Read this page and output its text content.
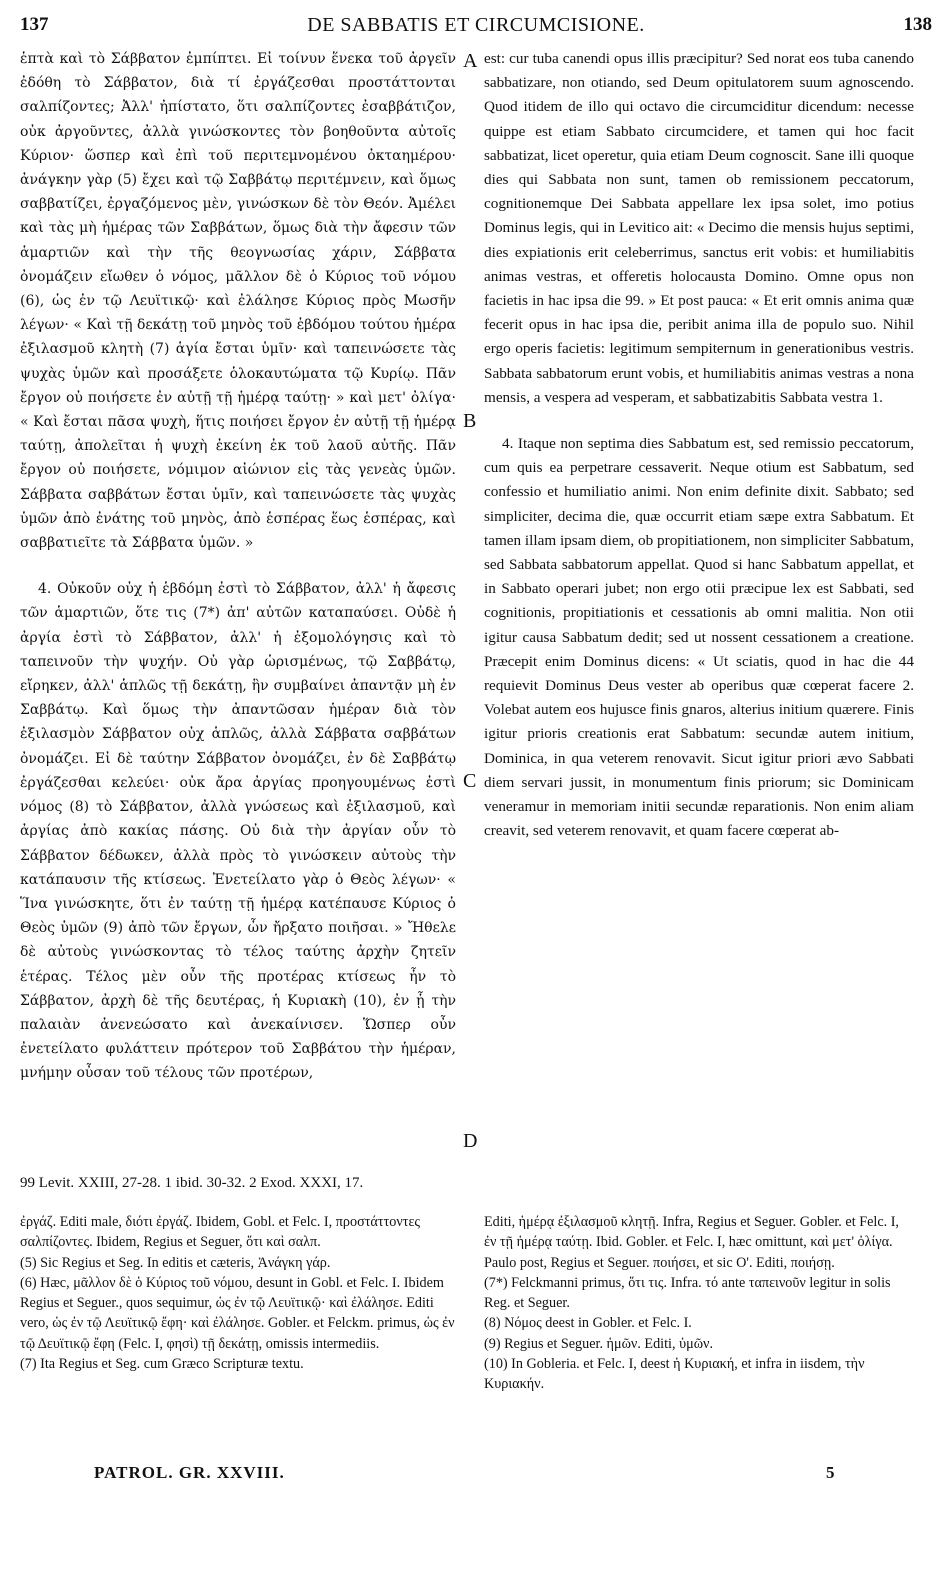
137	DE SABBATIS ET CIRCUMCISIONE.	138

ἑπτὰ καὶ τὸ Σάββατον ἐμπίπτει. Εἰ τοίνυν ἕνεκα τοῦ ἀργεῖν ἐδόθη τὸ Σάββατον, διὰ τί ἐργάζεσθαι προστάττονται σαλπίζοντες; Ἀλλ' ἠπίστατο, ὅτι σαλπίζοντες ἐσαββάτιζον, οὐκ ἀργοῦντες, ἀλλὰ γινώσκοντες τὸν βοηθοῦντα αὐτοῖς Κύριον· ὥσπερ καὶ ἐπὶ τοῦ περιτεμνομένου ὀκταημέρου· ἀνάγκην γὰρ (5) ἔχει καὶ τῷ Σαββάτῳ περιτέμνειν, καὶ ὅμως σαββατίζει, ἐργαζόμενος μὲν, γινώσκων δὲ τὸν Θεόν. Ἀμέλει καὶ τὰς μὴ ἡμέρας τῶν Σαββάτων, ὅμως διὰ τὴν ἄφεσιν τῶν ἁμαρτιῶν καὶ τὴν τῆς θεογνωσίας χάριν, Σάββατα ὀνομάζειν εἴωθεν ὁ νόμος, μᾶλλον δὲ ὁ Κύριος τοῦ νόμου (6), ὡς ἐν τῷ Λευϊτικῷ· καὶ ἐλάλησε Κύριος πρὸς Μωσῆν λέγων· « Καὶ τῇ δεκάτῃ τοῦ μηνὸς τοῦ ἑβδόμου τούτου ἡμέρα ἐξιλασμοῦ κλητὴ (7) ἁγία ἔσται ὑμῖν· καὶ ταπεινώσετε τὰς ψυχὰς ὑμῶν καὶ προσάξετε ὁλοκαυτώματα τῷ Κυρίῳ. Πᾶν ἔργον οὐ ποιήσετε ἐν αὐτῇ τῇ ἡμέρᾳ ταύτῃ· » καὶ μετ' ὀλίγα· « Καὶ ἔσται πᾶσα ψυχὴ, ἥτις ποιήσει ἔργον ἐν αὐτῇ τῇ ἡμέρᾳ ταύτῃ, ἀπολεῖται ἡ ψυχὴ ἐκείνη ἐκ τοῦ λαοῦ αὐτῆς. Πᾶν ἔργον οὐ ποιήσετε, νόμιμον αἰώνιον εἰς τὰς γενεὰς ὑμῶν. Σάββατα σαββάτων ἔσται ὑμῖν, καὶ ταπεινώσετε τὰς ψυχὰς ὑμῶν ἀπὸ ἐνάτης τοῦ μηνὸς, ἀπὸ ἑσπέρας ἕως ἑσπέρας, καὶ σαββατιεῖτε τὰ Σάββατα ὑμῶν. »

4. Οὐκοῦν οὐχ ἡ ἑβδόμη ἐστὶ τὸ Σάββατον, ἀλλ' ἡ ἄφεσις τῶν ἁμαρτιῶν, ὅτε τις (7*) ἀπ' αὐτῶν καταπαύσει. Οὐδὲ ἡ ἀργία ἐστὶ τὸ Σάββατον, ἀλλ' ἡ ἐξομολόγησις καὶ τὸ ταπεινοῦν τὴν ψυχήν. Οὐ γὰρ ὡρισμένως, τῷ Σαββάτῳ, εἴρηκεν, ἀλλ' ἁπλῶς τῇ δεκάτῃ, ἣν συμβαίνει ἀπαντᾷν μὴ ἐν Σαββάτῳ. Καὶ ὅμως τὴν ἀπαντῶσαν ἡμέραν διὰ τὸν ἐξιλασμὸν Σάββατον οὐχ ἁπλῶς, ἀλλὰ Σάββατα σαββάτων ὀνομάζει. Εἰ δὲ ταύτην Σάββατον ὀνομάζει, ἐν δὲ Σαββάτῳ ἐργάζεσθαι κελεύει· οὐκ ἄρα ἀργίας προηγουμένως ἐστὶ νόμος (8) τὸ Σάββατον, ἀλλὰ γνώσεως καὶ ἐξιλασμοῦ, καὶ ἀργίας ἀπὸ κακίας πάσης. Οὐ διὰ τὴν ἀργίαν οὖν τὸ Σάββατον δέδωκεν, ἀλλὰ πρὸς τὸ γινώσκειν αὐτοὺς τὴν κατάπαυσιν τῆς κτίσεως. Ἐνετείλατο γὰρ ὁ Θεὸς λέγων· « Ἵνα γινώσκητε, ὅτι ἐν ταύτῃ τῇ ἡμέρᾳ κατέπαυσε Κύριος ὁ Θεὸς ὑμῶν (9) ἀπὸ τῶν ἔργων, ὧν ἤρξατο ποιῆσαι. » Ἤθελε δὲ αὐτοὺς γινώσκοντας τὸ τέλος ταύτης ἀρχὴν ζητεῖν ἑτέρας. Τέλος μὲν οὖν τῆς προτέρας κτίσεως ἦν τὸ Σάββατον, ἀρχὴ δὲ τῆς δευτέρας, ἡ Κυριακὴ (10), ἐν ᾗ τὴν παλαιὰν ἀνενεώσατο καὶ ἀνεκαίνισεν. Ὥσπερ οὖν ἐνετείλατο φυλάττειν πρότερον τοῦ Σαββάτου τὴν ἡμέραν, μνήμην οὖσαν τοῦ τέλους τῶν προτέρων,

est: cur tuba canendi opus illis præcipitur? Sed norat eos tuba canendo sabbatizare, non otiando, sed Deum opitulatorem suum agnoscendo. Quod itidem de illo qui octavo die circumciditur dicendum: necesse quippe est etiam Sabbato circumcidere, et tamen qui hoc facit sabbatizat, licet operetur, quia etiam Deum cognoscit. Sane illi quoque dies qui Sabbata non sunt, tamen ob remissionem peccatorum, cognitionemque Dei Sabbata appellare lex ipsa solet, imo potius Dominus legis, qui in Levitico ait: « Decimo die mensis hujus septimi, dies expiationis erit celeberrimus, sanctus erit vobis: et humiliabitis animas vestras, et offeretis holocausta Domino. Omne opus non facietis in hac ipsa die 99. » Et post pauca: « Et erit omnis anima quæ fecerit opus in hac ipsa die, peribit anima illa de populo suo. Nihil ergo operis facietis: legitimum sempiternum in generationibus vestris. Sabbata sabbatorum erunt vobis, et humiliabitis animas vestras a nona mensis, a vespera ad vesperam, et sabbatizabitis Sabbata vestra 1.

4. Itaque non septima dies Sabbatum est, sed remissio peccatorum, cum quis ea perpetrare cessaverit. Neque otium est Sabbatum, sed confessio et humiliatio animi. Non enim definite dixit. Sabbato; sed simpliciter, decima die, quæ occurrit etiam sæpe extra Sabbatum. Et tamen illam ipsam diem, ob propitiationem, non simpliciter Sabbatum, sed Sabbata sabbatorum appellat. Quod si hanc Sabbatum appellat, et in Sabbato operari jubet; non ergo otii præcipue lex est Sabbati, sed cognitionis, propitiationis et cessationis ab omni malitia. Non otii igitur causa Sabbatum dedit; sed ut nossent cessationem a creatione. Præcepit enim Dominus dicens: « Ut sciatis, quod in hac die 44 requievit Dominus Deus vester ab operibus quæ cœperat facere 2. Volebat autem eos hujusce finis gnaros, alterius initium quærere. Finis igitur prioris creationis erat Sabbatum: secundæ autem initium, Dominica, in qua veterem renovavit. Sicut igitur priori ævo Sabbati diem servari jussit, in monumentum finis priorum; sic Dominicam veneramur in memoriam initii secundæ reparationis. Non enim aliam creavit, sed veterem renovavit, et quam facere cœperat ab-

A
B
C
D
99 Levit. XXIII, 27-28. 1 ibid. 30-32. 2 Exod. XXXI, 17.

ἐργάζ. Editi male, διότι ἐργάζ. Ibidem, Gobl. et Felc. I, προστάττοντες σαλπίζοντες. Ibidem, Regius et Seguer, ὅτι καὶ σαλπ.

(5) Sic Regius et Seg. In editis et cæteris, Ἀνάγκη γάρ.

(6) Hæc, μᾶλλον δὲ ὁ Κύριος τοῦ νόμου, desunt in Gobl. et Felc. I. Ibidem Regius et Seguer., quos sequimur, ὡς ἐν τῷ Λευϊτικῷ· καὶ ἐλάλησε. Editi vero, ὡς ἐν τῷ Λευϊτικῷ ἔφη· καὶ ἐλάλησε. Gobler. et Felckm. primus, ὡς ἐν τῷ Δευϊτικῷ ἔφη (Felc. I, φησὶ) τῇ δεκάτῃ, omissis intermediis.

(7) Ita Regius et Seg. cum Græco Scripturæ textu.

Editi, ἡμέρᾳ ἐξιλασμοῦ κλητῇ. Infra, Regius et Seguer. Gobler. et Felc. I, ἐν τῇ ἡμέρᾳ ταύτῃ. Ibid. Gobler. et Felc. I, hæc omittunt, καὶ μετ' ὀλίγα. Paulo post, Regius et Seguer. ποιήσει, et sic O'. Editi, ποιήσῃ.

(7*) Felckmanni primus, ὅτι τις. Infra. τό ante ταπεινοῦν legitur in solis Reg. et Seguer.

(8) Νόμος deest in Gobler. et Felc. I.

(9) Regius et Seguer. ἡμῶν. Editi, ὑμῶν.

(10) In Gobleria. et Felc. I, deest ἡ Κυριακή, et infra in iisdem, τὴν Κυριακήν.

PATROL. GR. XXVIII.	5
